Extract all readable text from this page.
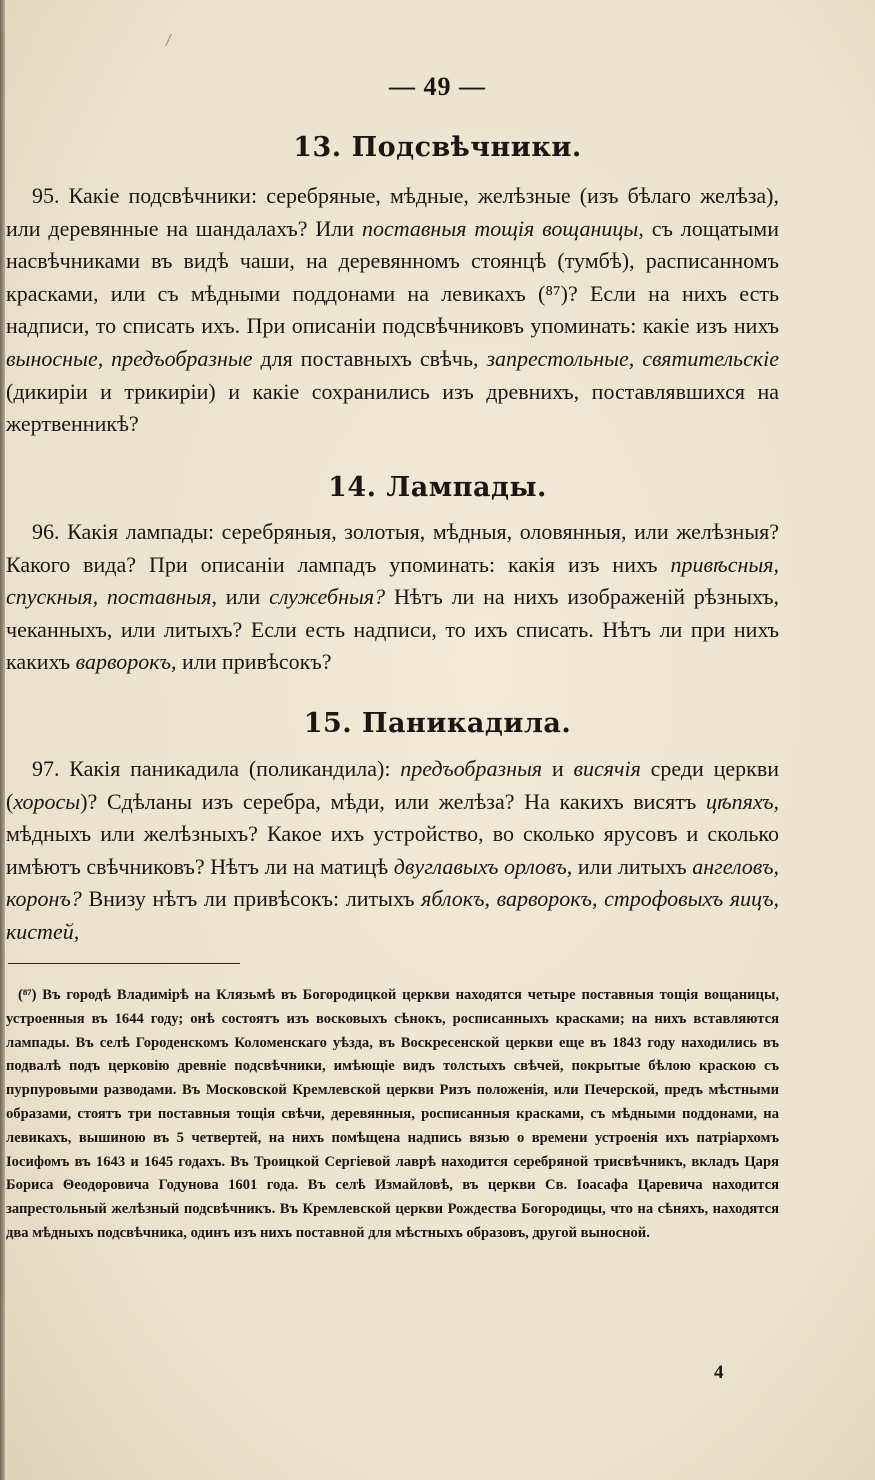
— 49 —
13. Подсвѣчники.

95. Какіе подсвѣчники: серебряные, мѣдные, желѣзные (изъ бѣлаго желѣза), или деревянные на шандалахъ? Или поставныя тощія вощаницы, съ лощатыми насвѣчниками въ видѣ чаши, на деревянномъ стоянцѣ (тумбѣ), расписанномъ красками, или съ мѣдными поддонами на левикахъ (⁸⁷)? Если на нихъ есть надписи, то списать ихъ. При описаніи подсвѣчниковъ упоминать: какіе изъ нихъ выносные, предъобразные для поставныхъ свѣчь, запрестольные, святительскіе (дикиріи и трикиріи) и какіе сохранились изъ древнихъ, поставлявшихся на жертвенникѣ?

14. Лампады.

96. Какія лампады: серебряныя, золотыя, мѣдныя, оловянныя, или желѣзныя? Какого вида? При описаніи лампадъ упоминать: какія изъ нихъ привѣсныя, спускныя, поставныя, или служебныя? Нѣтъ ли на нихъ изображеній рѣзныхъ, чеканныхъ, или литыхъ? Если есть надписи, то ихъ списать. Нѣтъ ли при нихъ какихъ варворокъ, или привѣсокъ?

15. Паникадила.

97. Какія паникадила (поликандила): предъобразныя и висячія среди церкви (хоросы)? Сдѣланы изъ серебра, мѣди, или желѣза? На какихъ висятъ цѣпяхъ, мѣдныхъ или желѣзныхъ? Какое ихъ устройство, во сколько ярусовъ и сколько имѣютъ свѣчниковъ? Нѣтъ ли на матицѣ двуглавыхъ орловъ, или литыхъ ангеловъ, коронъ? Внизу нѣтъ ли привѣсокъ: литыхъ яблокъ, варворокъ, строфовыхъ яицъ, кистей,

(⁸⁷) Въ городѣ Владимірѣ на Клязьмѣ въ Богородицкой церкви находятся четыре поставныя тощія вощаницы, устроенныя въ 1644 году; онѣ состоятъ изъ восковыхъ сѣнокъ, росписанныхъ красками; на нихъ вставляются лампады. Въ селѣ Городенскомъ Коломенскаго уѣзда, въ Воскресенской церкви еще въ 1843 году находились въ подвалѣ подъ церковію древніе подсвѣчники, имѣющіе видъ толстыхъ свѣчей, покрытые бѣлою краскою съ пурпуровыми разводами. Въ Московской Кремлевской церкви Ризъ положенія, или Печерской, предъ мѣстными образами, стоятъ три поставныя тощія свѣчи, деревянныя, росписанныя красками, съ мѣдными поддонами, на левикахъ, вышиною въ 5 четвертей, на нихъ помѣщена надпись вязью о времени устроенія ихъ патріархомъ Іосифомъ въ 1643 и 1645 годахъ. Въ Троицкой Сергіевой лаврѣ находится серебряной трисвѣчникъ, вкладъ Царя Бориса Θеодоровича Годунова 1601 года. Въ селѣ Измайловѣ, въ церкви Св. Іоасафа Царевича находится запрестольный желѣзный подсвѣчникъ. Въ Кремлевской церкви Рождества Богородицы, что на сѣняхъ, находятся два мѣдныхъ подсвѣчника, одинъ изъ нихъ поставной для мѣстныхъ образовъ, другой выносной.

4
